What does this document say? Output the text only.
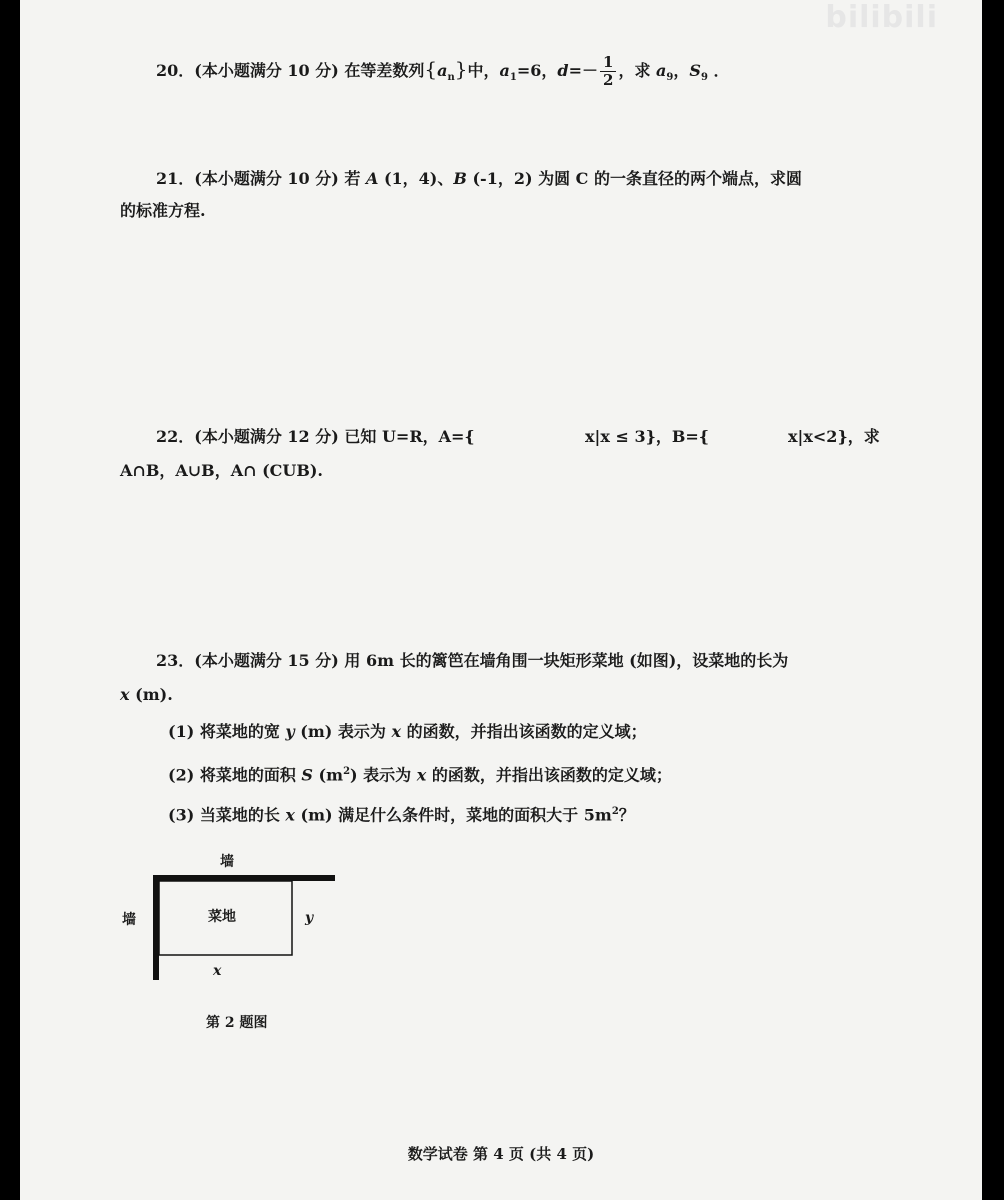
bilibili
20．(本小题满分 10 分) 在等差数列$\{a_n\}$中，$a_1=6$，$d=- \frac{1}{2}$ ，求 $a_9$，$S_9$ ．
21．(本小题满分 10 分) 若 A (1，4)、B (-1，2) 为圆 C 的一条直径的两个端点，求圆
的标准方程.
22．(本小题满分 12 分) 已知 U=R，A={	x|x ≤ 3}，B={	x|x<2}，求
A∩B，A∪B，A∩ (CUB).
23．(本小题满分 15 分) 用 6m 长的篱笆在墙角围一块矩形菜地 (如图)，设菜地的长为
x (m).
(1) 将菜地的宽 y (m) 表示为 x 的函数，并指出该函数的定义域；
(2) 将菜地的面积 S $(m^2)$ 表示为 x 的函数，并指出该函数的定义域；
(3) 当菜地的长 x (m) 满足什么条件时，菜地的面积大于 $5m^2$？
墙
墙	菜地	y
x
第 2 题图
数学试卷 第 4 页 (共 4 页)
